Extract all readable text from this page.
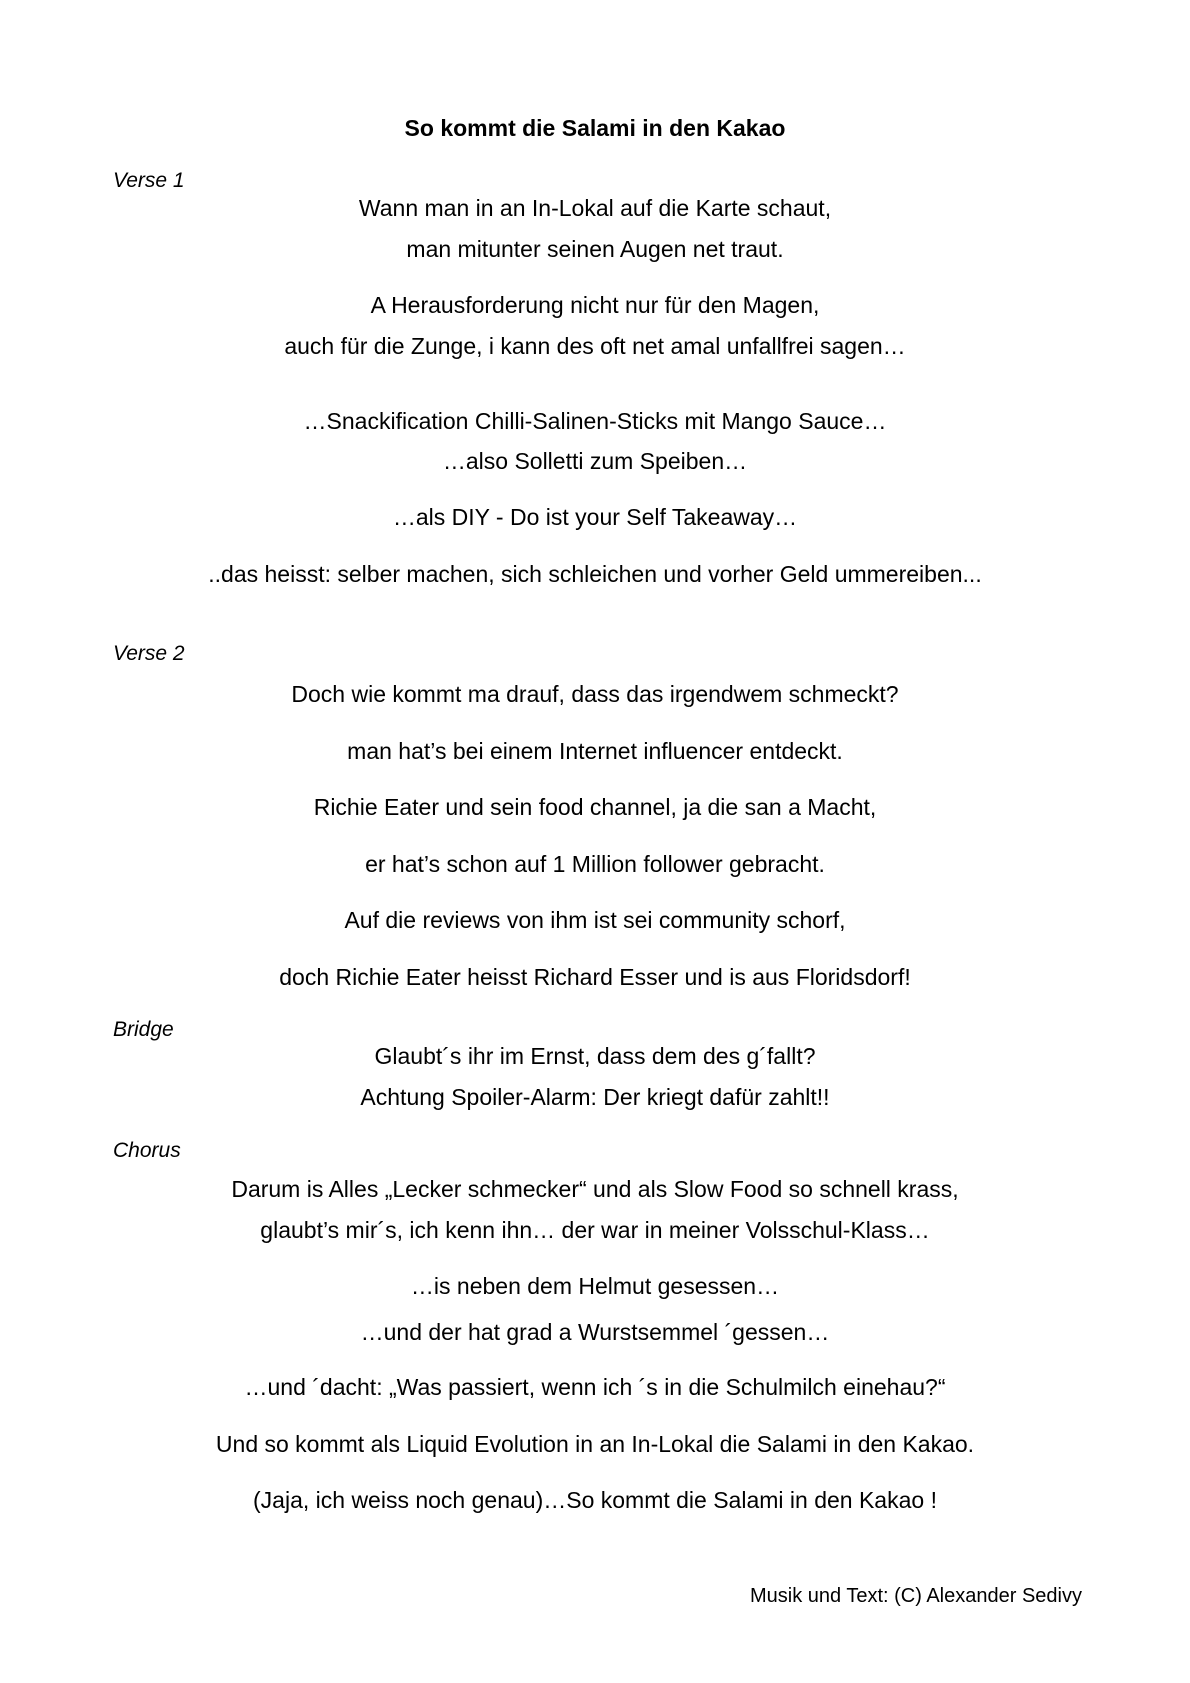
So kommt die Salami in den Kakao
Verse 1
Wann man in an In-Lokal auf die Karte schaut,
man mitunter seinen Augen net traut.
A Herausforderung nicht nur für den Magen,
auch für die Zunge, i kann des oft net amal unfallfrei sagen…
…Snackification Chilli-Salinen-Sticks mit Mango Sauce…
…also Solletti zum Speiben…
…als DIY - Do ist your Self Takeaway…
..das heisst: selber machen, sich schleichen und vorher Geld ummereiben...
Verse 2
Doch wie kommt ma drauf, dass das irgendwem schmeckt?
man hat’s bei einem Internet influencer entdeckt.
Richie Eater und sein food channel, ja die san a Macht,
er hat’s schon auf 1 Million follower gebracht.
Auf die reviews von ihm ist sei community schorf,
doch Richie Eater heisst Richard Esser und is aus Floridsdorf!
Bridge
Glaubt´s ihr im Ernst, dass dem des g´fallt?
Achtung Spoiler-Alarm: Der kriegt dafür zahlt!!
Chorus
Darum is Alles „Lecker schmecker“ und als Slow Food so schnell krass,
glaubt’s mir´s, ich kenn ihn… der war in meiner Volsschul-Klass…
…is neben dem Helmut gesessen…
…und der hat grad a Wurstsemmel ´gessen…
…und ´dacht: „Was passiert, wenn ich ´s in die Schulmilch einehau?“
Und so kommt als Liquid Evolution in an In-Lokal die Salami in den Kakao.
(Jaja, ich weiss noch genau)…So kommt die Salami in den Kakao !
Musik und Text: (C) Alexander Sedivy
